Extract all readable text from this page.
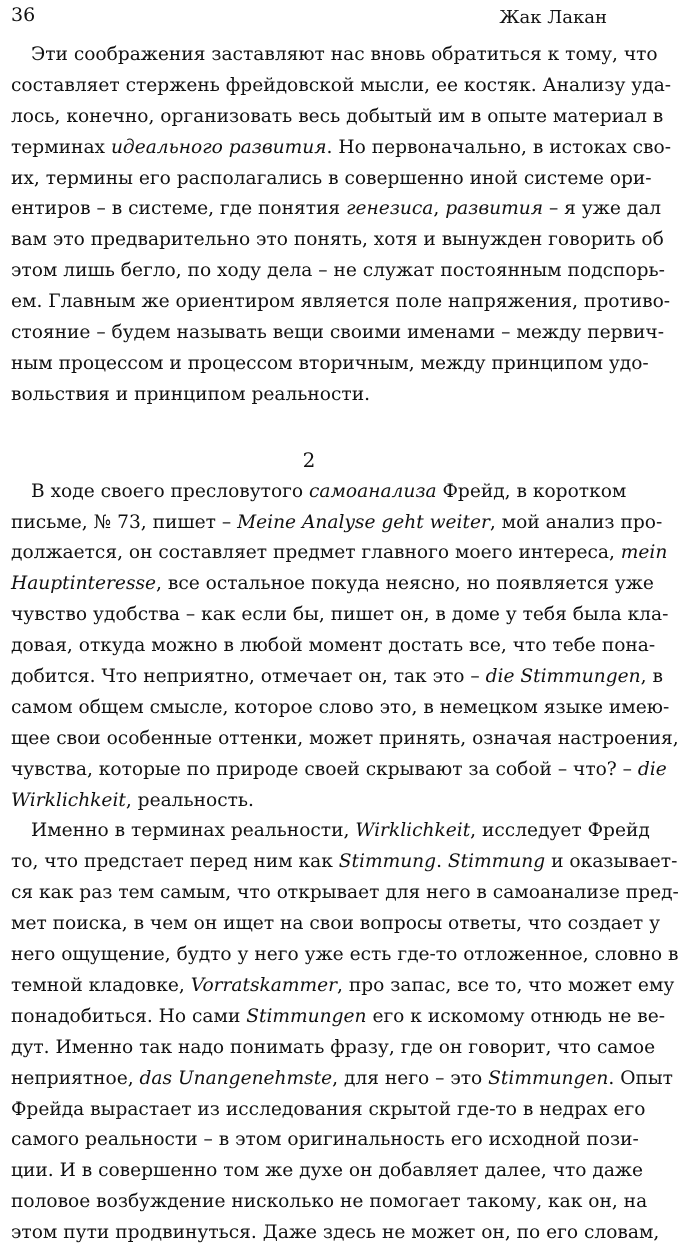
36	Жак Лакан
Эти соображения заставляют нас вновь обратиться к тому, что
составляет стержень фрейдовской мысли, ее костяк. Анализу уда-
лось, конечно, организовать весь добытый им в опыте материал в
терминах идеального развития. Но первоначально, в истоках сво-
их, термины его располагались в совершенно иной системе ори-
ентиров – в системе, где понятия генезиса, развития – я уже дал
вам это предварительно это понять, хотя и вынужден говорить об
этом лишь бегло, по ходу дела – не служат постоянным подспорь-
ем. Главным же ориентиром является поле напряжения, противо-
стояние – будем называть вещи своими именами – между первич-
ным процессом и процессом вторичным, между принципом удо-
вольствия и принципом реальности.
2
В ходе своего пресловутого самоанализа Фрейд, в коротком
письме, № 73, пишет – Meine Analyse geht weiter, мой анализ про-
должается, он составляет предмет главного моего интереса, mein
Hauptinteresse, все остальное покуда неясно, но появляется уже
чувство удобства – как если бы, пишет он, в доме у тебя была кла-
довая, откуда можно в любой момент достать все, что тебе пона-
добится. Что неприятно, отмечает он, так это – die Stimmungen, в
самом общем смысле, которое слово это, в немецком языке имею-
щее свои особенные оттенки, может принять, означая настроения,
чувства, которые по природе своей скрывают за собой – что? – die
Wirklichkeit, реальность.
Именно в терминах реальности, Wirklichkeit, исследует Фрейд
то, что предстает перед ним как Stimmung. Stimmung и оказывает-
ся как раз тем самым, что открывает для него в самоанализе пред-
мет поиска, в чем он ищет на свои вопросы ответы, что создает у
него ощущение, будто у него уже есть где-то отложенное, словно в
темной кладовке, Vorratskammer, про запас, все то, что может ему
понадобиться. Но сами Stimmungen его к искомому отнюдь не ве-
дут. Именно так надо понимать фразу, где он говорит, что самое
неприятное, das Unangenehmste, для него – это Stimmungen. Опыт
Фрейда вырастает из исследования скрытой где-то в недрах его
самого реальности – в этом оригинальность его исходной пози-
ции. И в совершенно том же духе он добавляет далее, что даже
половое возбуждение нисколько не помогает такому, как он, на
этом пути продвинуться. Даже здесь не может он, по его словам,
